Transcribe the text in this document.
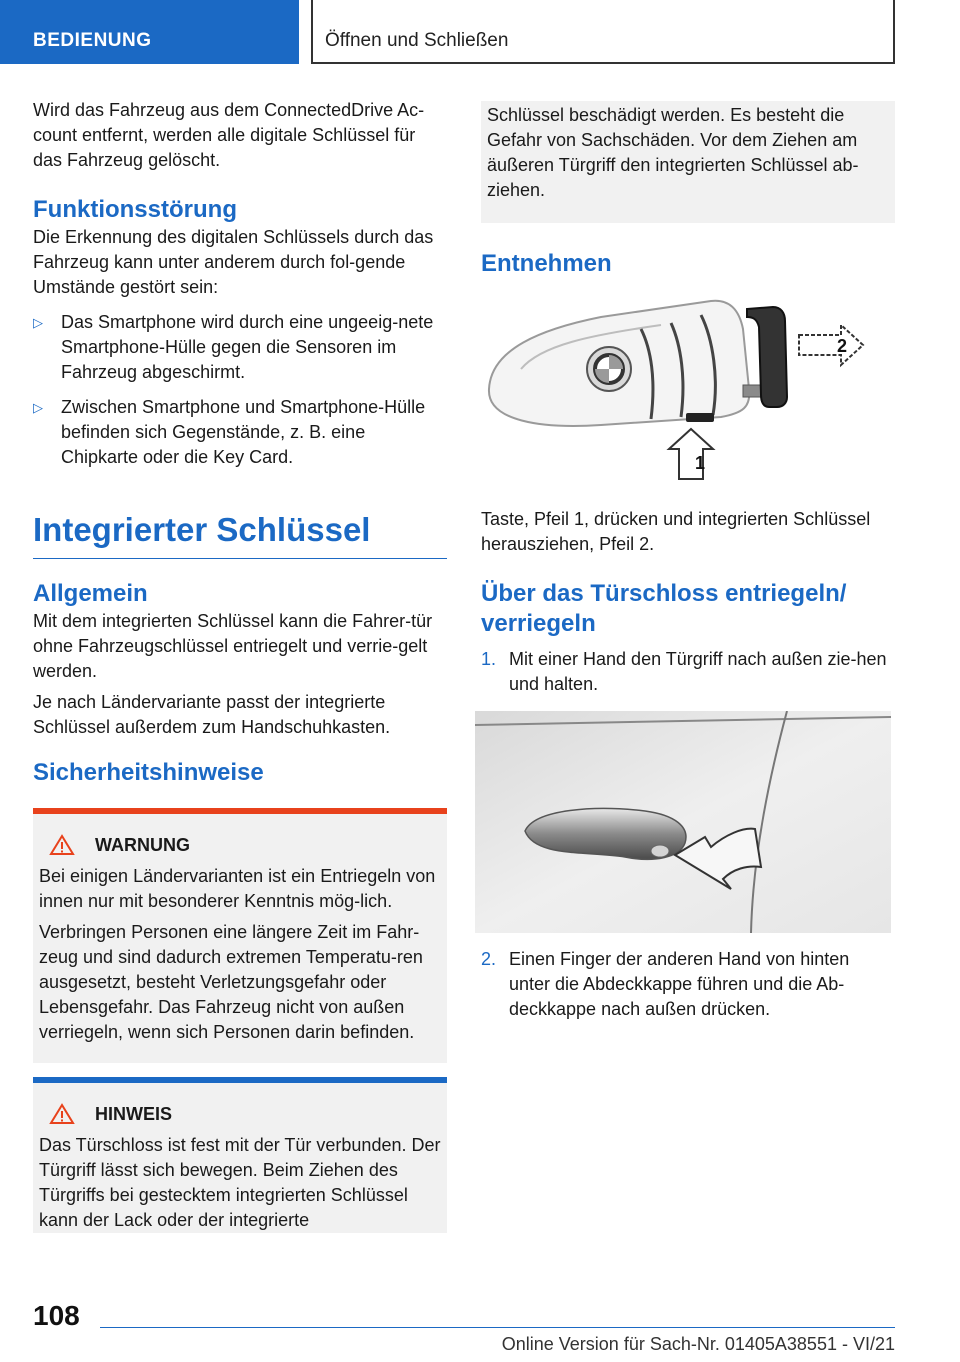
BEDIENUNG	Öffnen und Schließen

Wird das Fahrzeug aus dem ConnectedDrive Ac-count entfernt, werden alle digitale Schlüssel für das Fahrzeug gelöscht.

Funktionsstörung

Die Erkennung des digitalen Schlüssels durch das Fahrzeug kann unter anderem durch fol-gende Umstände gestört sein:

▷	Das Smartphone wird durch eine ungeeig-nete Smartphone-Hülle gegen die Sensoren im Fahrzeug abgeschirmt.
▷	Zwischen Smartphone und Smartphone-Hülle befinden sich Gegenstände, z. B. eine Chipkarte oder die Key Card.
Integrierter Schlüssel
Allgemein

Mit dem integrierten Schlüssel kann die Fahrer-tür ohne Fahrzeugschlüssel entriegelt und verrie-gelt werden.

Je nach Ländervariante passt der integrierte Schlüssel außerdem zum Handschuhkasten.

Sicherheitshinweise
WARNUNG

Bei einigen Ländervarianten ist ein Entriegeln von innen nur mit besonderer Kenntnis mög-lich.

Verbringen Personen eine längere Zeit im Fahr-zeug und sind dadurch extremen Temperatu-ren ausgesetzt, besteht Verletzungsgefahr oder Lebensgefahr. Das Fahrzeug nicht von außen verriegeln, wenn sich Personen darin befinden.

HINWEIS

Das Türschloss ist fest mit der Tür verbunden. Der Türgriff lässt sich bewegen. Beim Ziehen des Türgriffs bei gestecktem integrierten Schlüssel kann der Lack oder der integrierte

Schlüssel beschädigt werden. Es besteht die Gefahr von Sachschäden. Vor dem Ziehen am äußeren Türgriff den integrierten Schlüssel ab-ziehen.

Entnehmen
2
1

Taste, Pfeil 1, drücken und integrierten Schlüssel herausziehen, Pfeil 2.

Über das Türschloss entriegeln/ verriegeln
1. Mit einer Hand den Türgriff nach außen zie-hen und halten.
2. Einen Finger der anderen Hand von hinten unter die Abdeckkappe führen und die Ab-deckkappe nach außen drücken.
108
Online Version für Sach-Nr. 01405A38551 - VI/21
